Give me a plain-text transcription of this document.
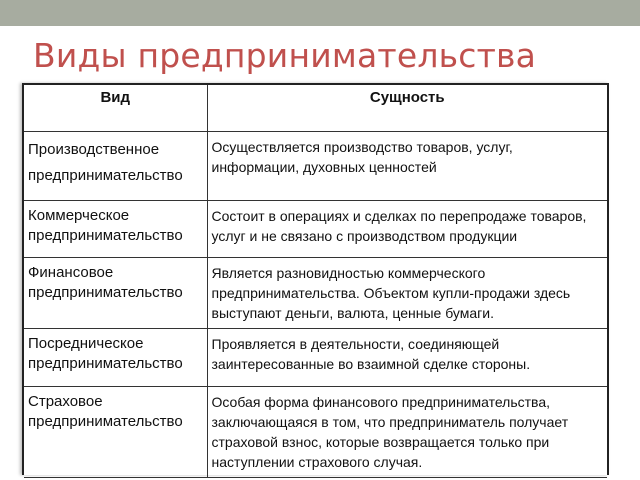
Виды предпринимательства
Вид	Сущность
Производственное предпринимательство	Осуществляется производство товаров, услуг, информации, духовных ценностей
Коммерческое предпринимательство	Состоит в операциях и сделках по перепродаже товаров, услуг и не связано с производством продукции
Финансовое предпринимательство	Является разновидностью коммерческого предпринимательства. Объектом купли-продажи здесь выступают деньги, валюта, ценные бумаги.
Посредническое предпринимательство	Проявляется в деятельности, соединяющей заинтересованные во взаимной сделке стороны.
Страховое предпринимательство	Особая форма финансового предпринимательства, заключающаяся в том, что предприниматель получает страховой взнос, которые возвращается только при наступлении страхового случая.
